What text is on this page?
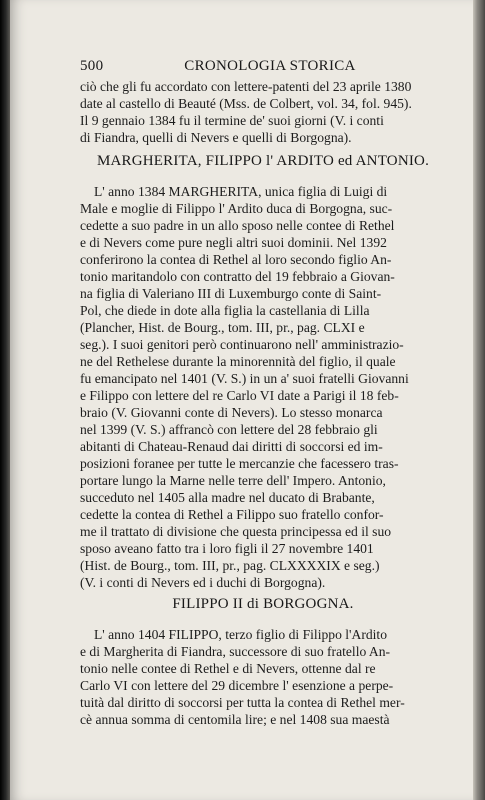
500	CRONOLOGIA STORICA
ciò che gli fu accordato con lettere-patenti del 23 aprile 1380
date al castello di Beauté (Mss. de Colbert, vol. 34, fol. 945).
Il 9 gennaio 1384 fu il termine de' suoi giorni (V. i conti
di Fiandra, quelli di Nevers e quelli di Borgogna).
MARGHERITA, FILIPPO l' ARDITO ed ANTONIO.
L' anno 1384 MARGHERITA, unica figlia di Luigi di
Male e moglie di Filippo l' Ardito duca di Borgogna, suc-
cedette a suo padre in un allo sposo nelle contee di Rethel
e di Nevers come pure negli altri suoi dominii. Nel 1392
conferirono la contea di Rethel al loro secondo figlio An-
tonio maritandolo con contratto del 19 febbraio a Giovan-
na figlia di Valeriano III di Luxemburgo conte di Saint-
Pol, che diede in dote alla figlia la castellania di Lilla
(Plancher, Hist. de Bourg., tom. III, pr., pag. CLXI e
seg.). I suoi genitori però continuarono nell' amministrazio-
ne del Rethelese durante la minorennità del figlio, il quale
fu emancipato nel 1401 (V. S.) in un a' suoi fratelli Giovanni
e Filippo con lettere del re Carlo VI date a Parigi il 18 feb-
braio (V. Giovanni conte di Nevers). Lo stesso monarca
nel 1399 (V. S.) affrancò con lettere del 28 febbraio gli
abitanti di Chateau-Renaud dai diritti di soccorsi ed im-
posizioni foranee per tutte le mercanzie che facessero tras-
portare lungo la Marne nelle terre dell' Impero. Antonio,
succeduto nel 1405 alla madre nel ducato di Brabante,
cedette la contea di Rethel a Filippo suo fratello confor-
me il trattato di divisione che questa principessa ed il suo
sposo aveano fatto tra i loro figli il 27 novembre 1401
(Hist. de Bourg., tom. III, pr., pag. CLXXXXIX e seg.)
(V. i conti di Nevers ed i duchi di Borgogna).
FILIPPO II di BORGOGNA.
L' anno 1404 FILIPPO, terzo figlio di Filippo l'Ardito
e di Margherita di Fiandra, successore di suo fratello An-
tonio nelle contee di Rethel e di Nevers, ottenne dal re
Carlo VI con lettere del 29 dicembre l' esenzione a perpe-
tuità dal diritto di soccorsi per tutta la contea di Rethel mer-
cè annua somma di centomila lire; e nel 1408 sua maestà
